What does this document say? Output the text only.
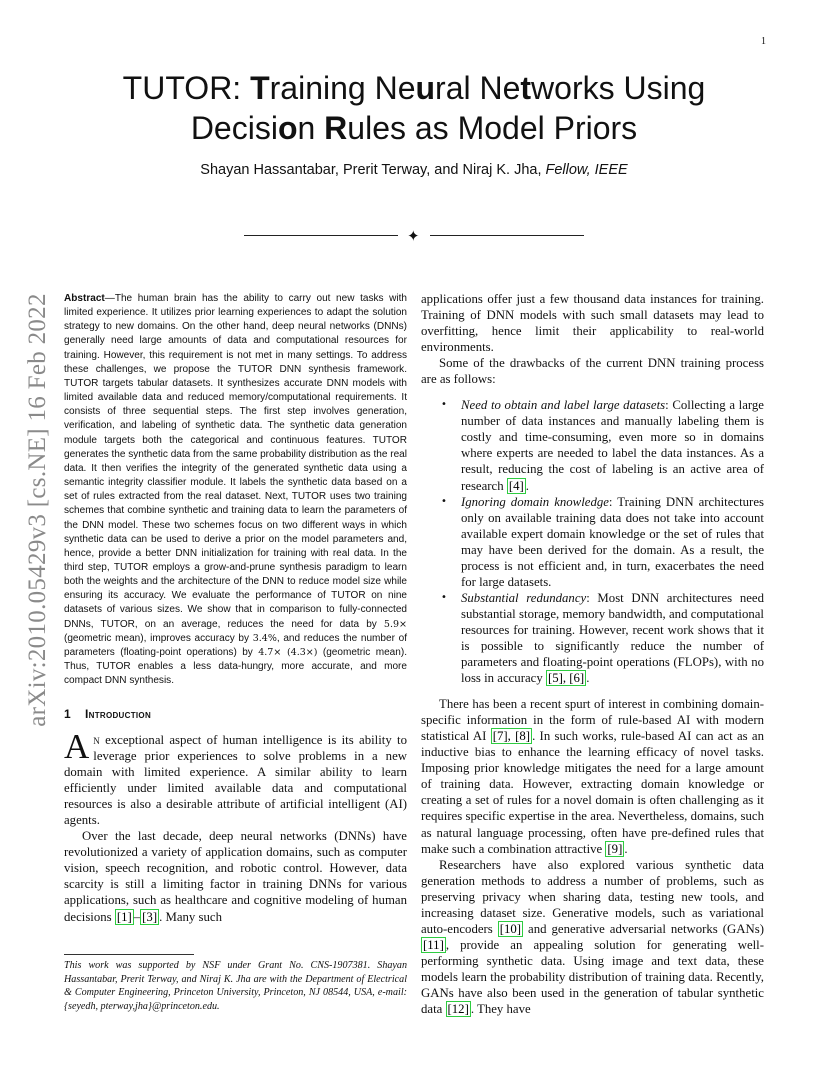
1
arXiv:2010.05429v3 [cs.NE] 16 Feb 2022
TUTOR: Training Neural Networks Using
Decision Rules as Model Priors
Shayan Hassantabar, Prerit Terway, and Niraj K. Jha, Fellow, IEEE
✦

Abstract—The human brain has the ability to carry out new tasks with limited experience. It utilizes prior learning experiences to adapt the solution strategy to new domains. On the other hand, deep neural networks (DNNs) generally need large amounts of data and computational resources for training. However, this requirement is not met in many settings. To address these challenges, we propose the TUTOR DNN synthesis framework. TUTOR targets tabular datasets. It synthesizes accurate DNN models with limited available data and reduced memory/computational requirements. It consists of three sequential steps. The first step involves generation, verification, and labeling of synthetic data. The synthetic data generation module targets both the categorical and continuous features. TUTOR generates the synthetic data from the same probability distribution as the real data. It then verifies the integrity of the generated synthetic data using a semantic integrity classifier module. It labels the synthetic data based on a set of rules extracted from the real dataset. Next, TUTOR uses two training schemes that combine synthetic and training data to learn the parameters of the DNN model. These two schemes focus on two different ways in which synthetic data can be used to derive a prior on the model parameters and, hence, provide a better DNN initialization for training with real data. In the third step, TUTOR employs a grow-and-prune synthesis paradigm to learn both the weights and the architecture of the DNN to reduce model size while ensuring its accuracy. We evaluate the performance of TUTOR on nine datasets of various sizes. We show that in comparison to fully-connected DNNs, TUTOR, on an average, reduces the need for data by 5.9× (geometric mean), improves accuracy by 3.4%, and reduces the number of parameters (floating-point operations) by 4.7× (4.3×) (geometric mean). Thus, TUTOR enables a less data-hungry, more accurate, and more compact DNN synthesis.

1 Introduction

An exceptional aspect of human intelligence is its ability to leverage prior experiences to solve problems in a new domain with limited experience. A similar ability to learn efficiently under limited available data and computational resources is also a desirable attribute of artificial intelligent (AI) agents.

Over the last decade, deep neural networks (DNNs) have revolutionized a variety of application domains, such as computer vision, speech recognition, and robotic control. However, data scarcity is still a limiting factor in training DNNs for various applications, such as healthcare and cognitive modeling of human decisions [1] – [3] . Many such

This work was supported by NSF under Grant No. CNS-1907381. Shayan Hassantabar, Prerit Terway, and Niraj K. Jha are with the Department of Electrical & Computer Engineering, Princeton University, Princeton, NJ 08544, USA, e-mail:{seyedh, pterway,jha}@princeton.edu.

applications offer just a few thousand data instances for training. Training of DNN models with such small datasets may lead to overfitting, hence limit their applicability to real-world environments.

Some of the drawbacks of the current DNN training process are as follows:

• Need to obtain and label large datasets: Collecting a large number of data instances and manually labeling them is costly and time-consuming, even more so in domains where experts are needed to label the data instances. As a result, reducing the cost of labeling is an active area of research [4] .
• Ignoring domain knowledge: Training DNN architectures only on available training data does not take into account available expert domain knowledge or the set of rules that may have been derived for the domain. As a result, the process is not efficient and, in turn, exacerbates the need for large datasets.
• Substantial redundancy: Most DNN architectures need substantial storage, memory bandwidth, and computational resources for training. However, recent work shows that it is possible to significantly reduce the number of parameters and floating-point operations (FLOPs), with no loss in accuracy [5], [6] .

There has been a recent spurt of interest in combining domain-specific information in the form of rule-based AI with modern statistical AI [7], [8] . In such works, rule-based AI can act as an inductive bias to enhance the learning efficacy of novel tasks. Imposing prior knowledge mitigates the need for a large amount of training data. However, extracting domain knowledge or creating a set of rules for a novel domain is often challenging as it requires specific expertise in the area. Nevertheless, domains, such as natural language processing, often have pre-defined rules that make such a combination attractive [9] .

Researchers have also explored various synthetic data generation methods to address a number of problems, such as preserving privacy when sharing data, testing new tools, and increasing dataset size. Generative models, such as variational auto-encoders [10] and generative adversarial networks (GANs) [11] , provide an appealing solution for generating well-performing synthetic data. Using image and text data, these models learn the probability distribution of training data. Recently, GANs have also been used in the generation of tabular synthetic data [12] . They have
